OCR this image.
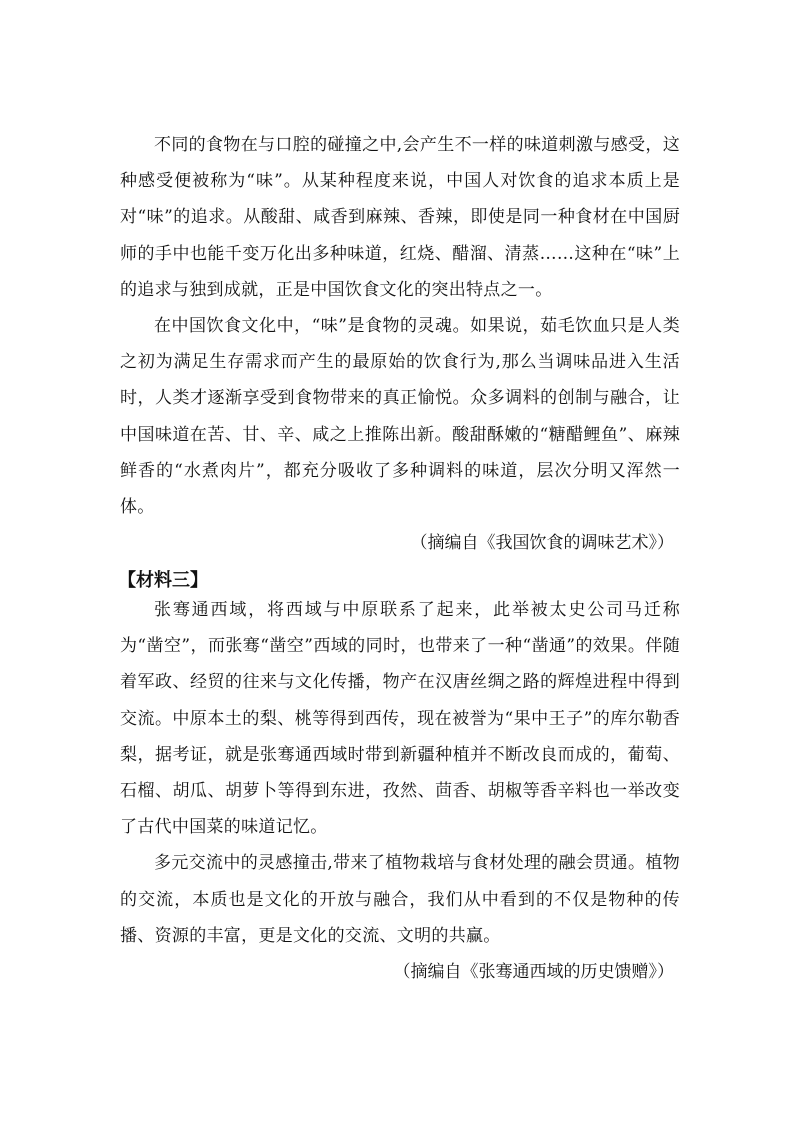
不同的食物在与口腔的碰撞之中,会产生不一样的味道刺激与感受，这种感受便被称为“味”。从某种程度来说，中国人对饮食的追求本质上是对“味”的追求。从酸甜、咸香到麻辣、香辣，即使是同一种食材在中国厨师的手中也能千变万化出多种味道，红烧、醋溜、清蒸……这种在“味”上的追求与独到成就，正是中国饮食文化的突出特点之一。

在中国饮食文化中，“味”是食物的灵魂。如果说，茹毛饮血只是人类之初为满足生存需求而产生的最原始的饮食行为,那么当调味品进入生活时，人类才逐渐享受到食物带来的真正愉悦。众多调料的创制与融合，让中国味道在苦、甘、辛、咸之上推陈出新。酸甜酥嫩的“糖醋鲤鱼”、麻辣鲜香的“水煮肉片”，都充分吸收了多种调料的味道，层次分明又浑然一体。

（摘编自《我国饮食的调味艺术》）

【材料三】

张骞通西域，将西域与中原联系了起来，此举被太史公司马迁称为“凿空”，而张骞“凿空”西域的同时，也带来了一种“凿通”的效果。伴随着军政、经贸的往来与文化传播，物产在汉唐丝绸之路的辉煌进程中得到交流。中原本土的梨、桃等得到西传，现在被誉为“果中王子”的库尔勒香梨，据考证，就是张骞通西域时带到新疆种植并不断改良而成的，葡萄、石榴、胡瓜、胡萝卜等得到东进，孜然、茴香、胡椒等香辛料也一举改变了古代中国菜的味道记忆。

多元交流中的灵感撞击,带来了植物栽培与食材处理的融会贯通。植物的交流，本质也是文化的开放与融合，我们从中看到的不仅是物种的传播、资源的丰富，更是文化的交流、文明的共赢。

（摘编自《张骞通西域的历史馈赠》）
